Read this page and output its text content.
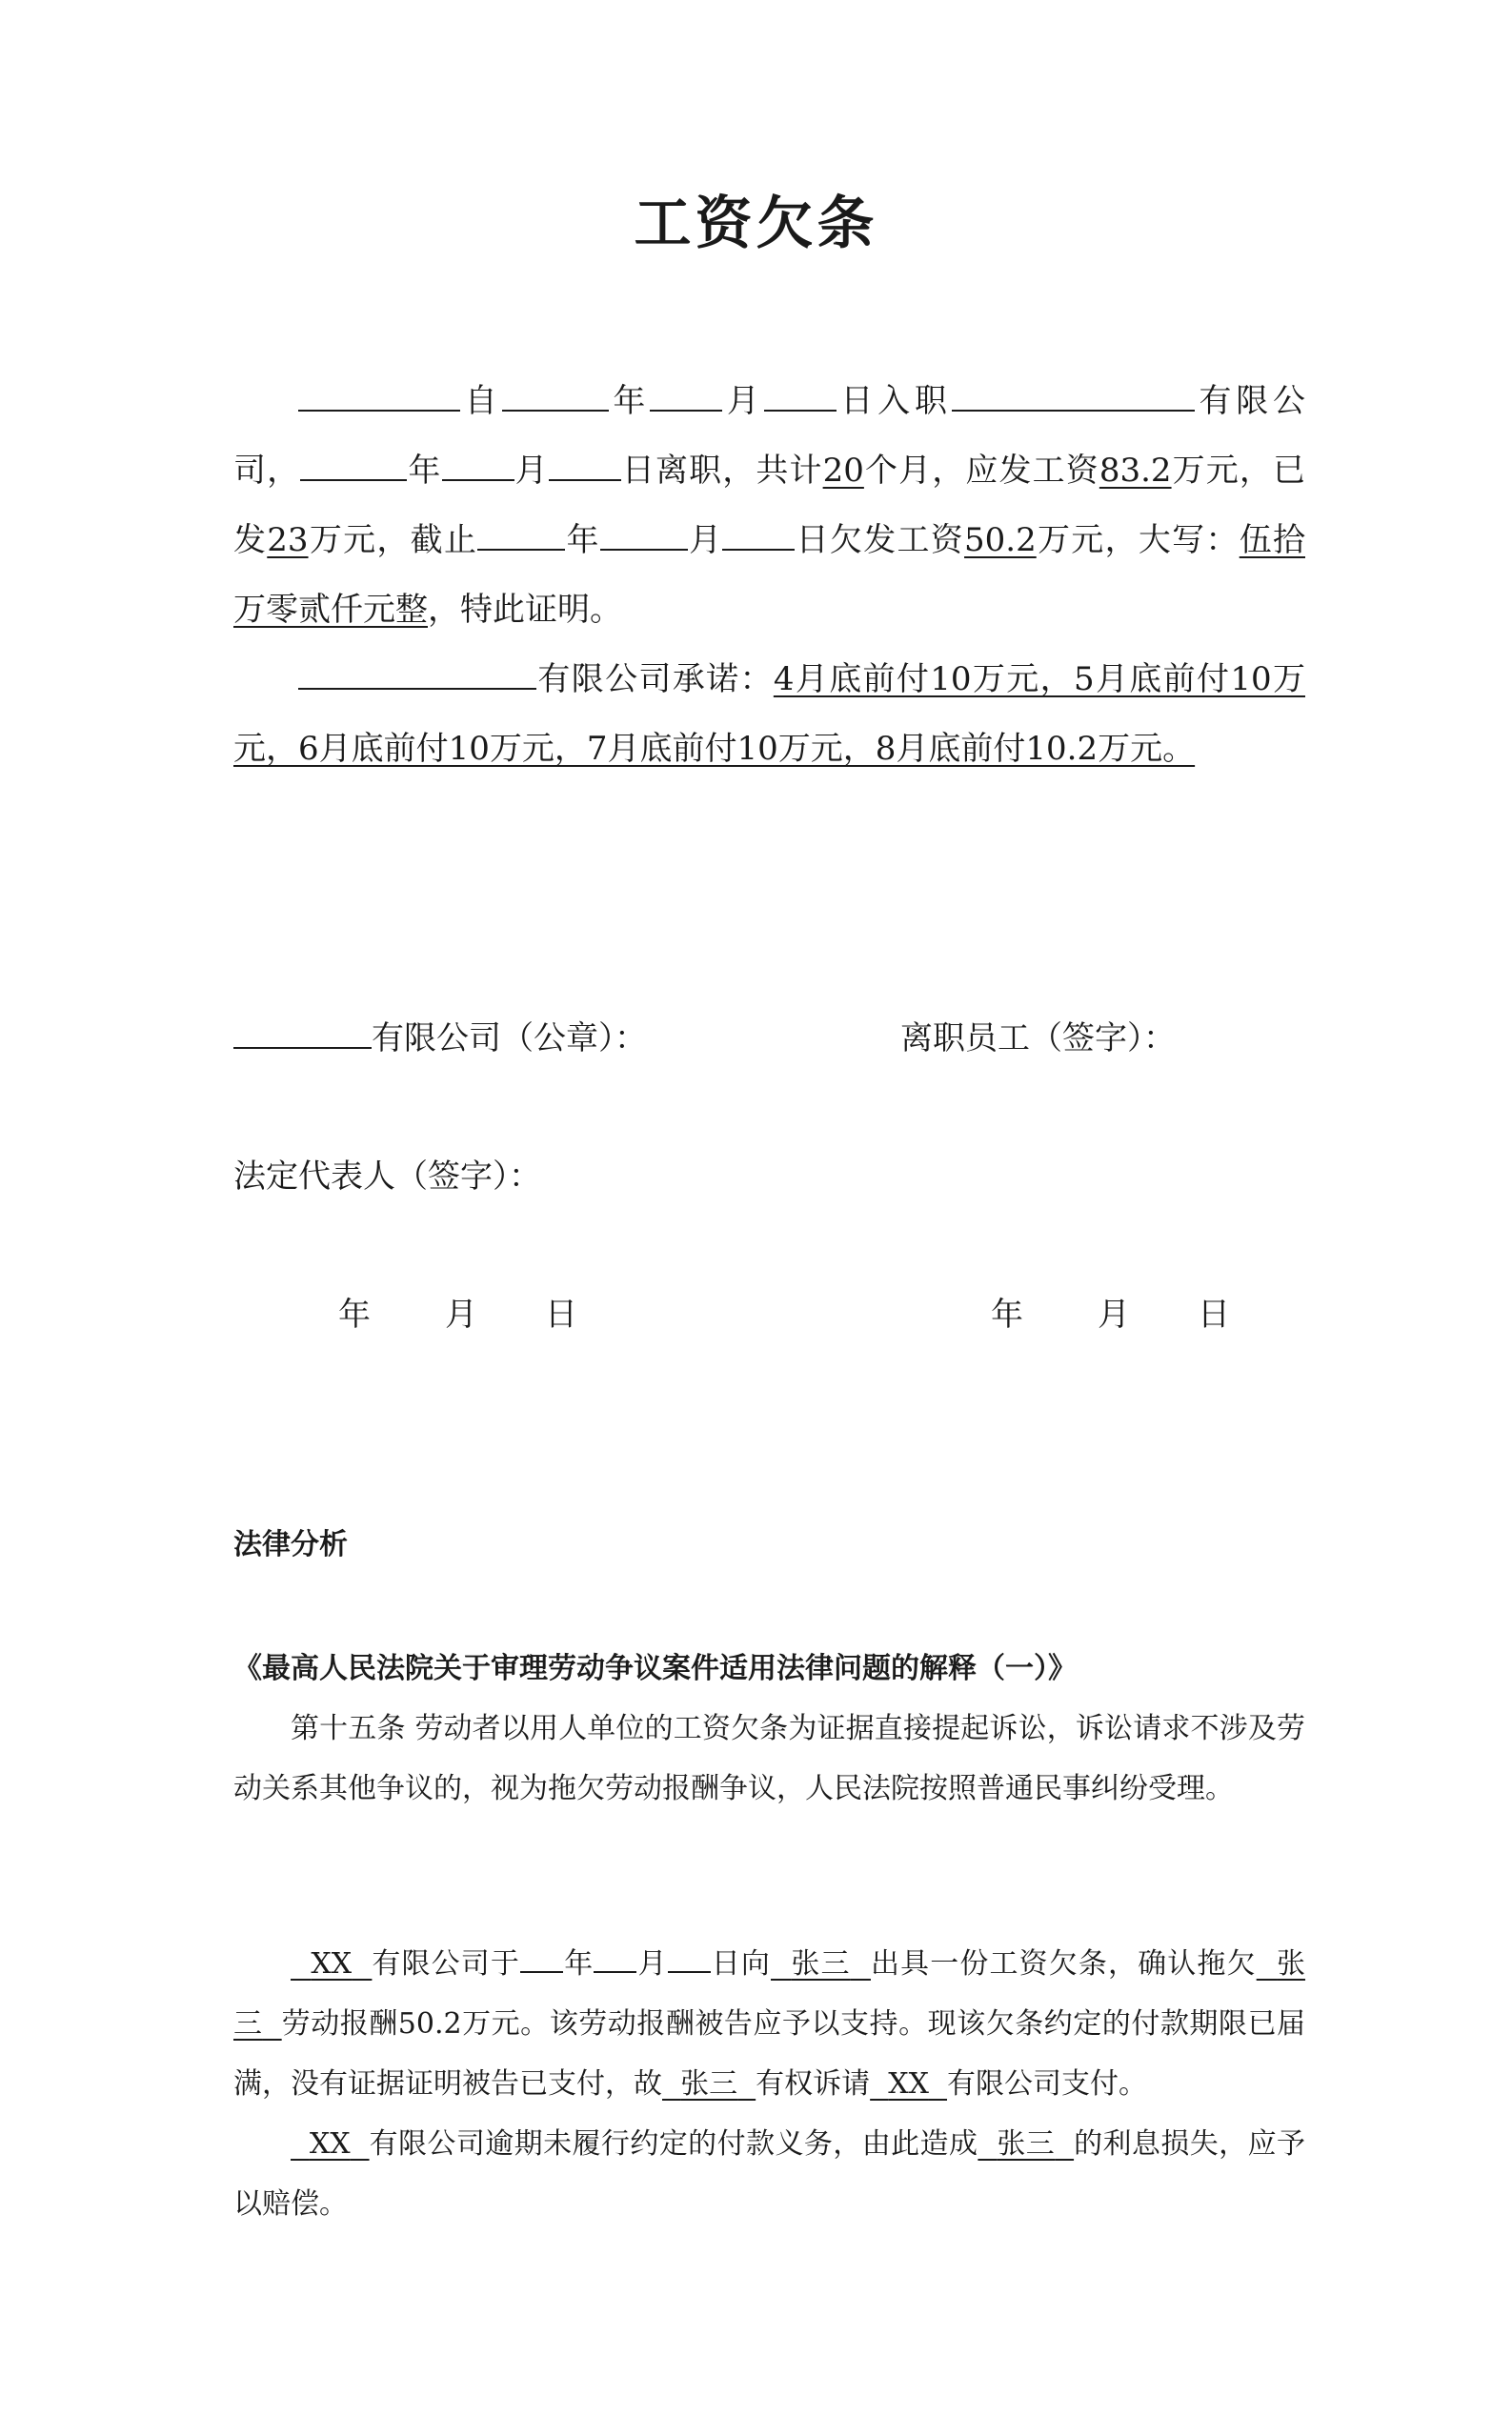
工资欠条

自	年 月 日入职	有限公司，	年 月 日离职，共计20个月，应发工资83.2万元，已发23万元，截止	年	月 日欠发工资50.2万元，大写：伍拾万零贰仟元整，特此证明。

有限公司承诺：4月底前付10万元，5月底前付10万元，6月底前付10万元，7月底前付10万元，8月底前付10.2万元。

有限公司（公章）：	离职员工（签字）：
法定代表人（签字）：
年 月 日	年 月 日

法律分析

《最高人民法院关于审理劳动争议案件适用法律问题的解释（一）》

第十五条 劳动者以用人单位的工资欠条为证据直接提起诉讼，诉讼请求不涉及劳动关系其他争议的，视为拖欠劳动报酬争议，人民法院按照普通民事纠纷受理。

XX 有限公司于 年 月 日向 张三 出具一份工资欠条，确认拖欠 张三 劳动报酬50.2万元。该劳动报酬被告应予以支持。现该欠条约定的付款期限已届满，没有证据证明被告已支付，故 张三 有权诉请 XX 有限公司支付。

XX 有限公司逾期未履行约定的付款义务，由此造成 张三 的利息损失，应予以赔偿。
